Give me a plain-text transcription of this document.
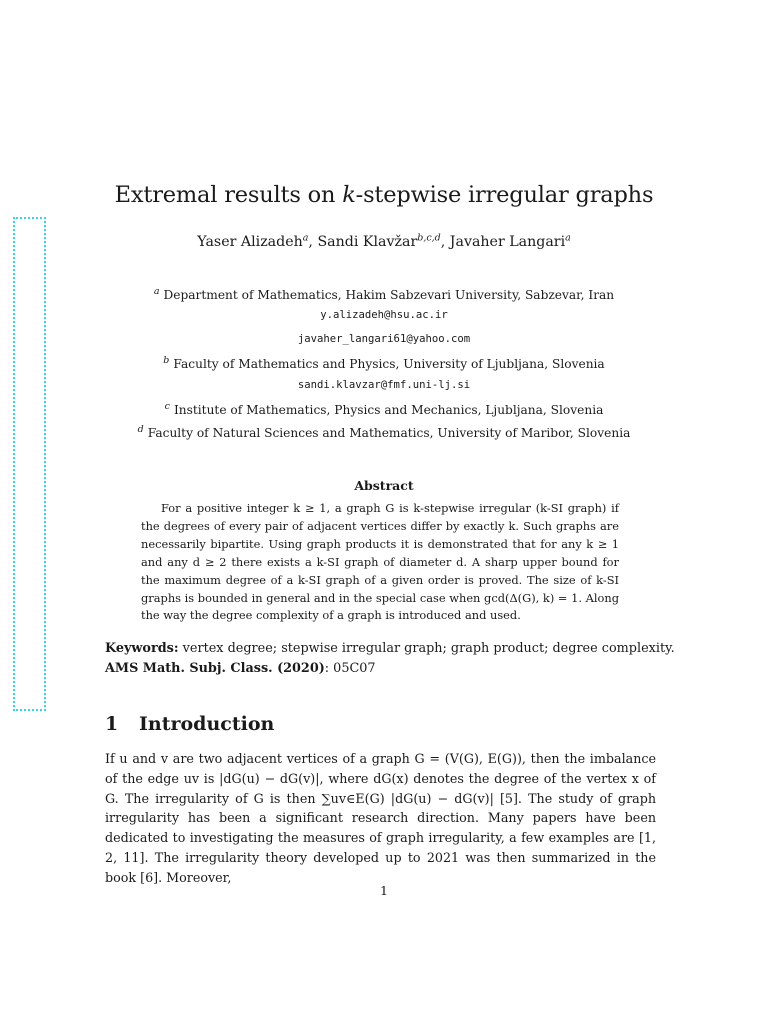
Extremal results on k-stepwise irregular graphs
Yaser Alizadeh$^a$, Sandi Klavžar$^{b,c,d}$, Javaher Langari$^a$
$^a$ Department of Mathematics, Hakim Sabzevari University, Sabzevar, Iran
y.alizadeh@hsu.ac.ir
javaher_langari61@yahoo.com
$^b$ Faculty of Mathematics and Physics, University of Ljubljana, Slovenia
sandi.klavzar@fmf.uni-lj.si
$^c$ Institute of Mathematics, Physics and Mechanics, Ljubljana, Slovenia
$^d$ Faculty of Natural Sciences and Mathematics, University of Maribor, Slovenia
Abstract

For a positive integer k ≥ 1, a graph G is k-stepwise irregular (k-SI graph) if the degrees of every pair of adjacent vertices differ by exactly k. Such graphs are necessarily bipartite. Using graph products it is demonstrated that for any k ≥ 1 and any d ≥ 2 there exists a k-SI graph of diameter d. A sharp upper bound for the maximum degree of a k-SI graph of a given order is proved. The size of k-SI graphs is bounded in general and in the special case when gcd(Δ(G), k) = 1. Along the way the degree complexity of a graph is introduced and used.

Keywords: vertex degree; stepwise irregular graph; graph product; degree complexity.
AMS Math. Subj. Class. (2020): 05C07
1 Introduction

If u and v are two adjacent vertices of a graph G = (V(G), E(G)), then the imbalance of the edge uv is |dG(u) − dG(v)|, where dG(x) denotes the degree of the vertex x of G. The irregularity of G is then ∑uv∈E(G) |dG(u) − dG(v)| [5]. The study of graph irregularity has been a significant research direction. Many papers have been dedicated to investigating the measures of graph irregularity, a few examples are [1, 2, 11]. The irregularity theory developed up to 2021 was then summarized in the book [6]. Moreover,

1
